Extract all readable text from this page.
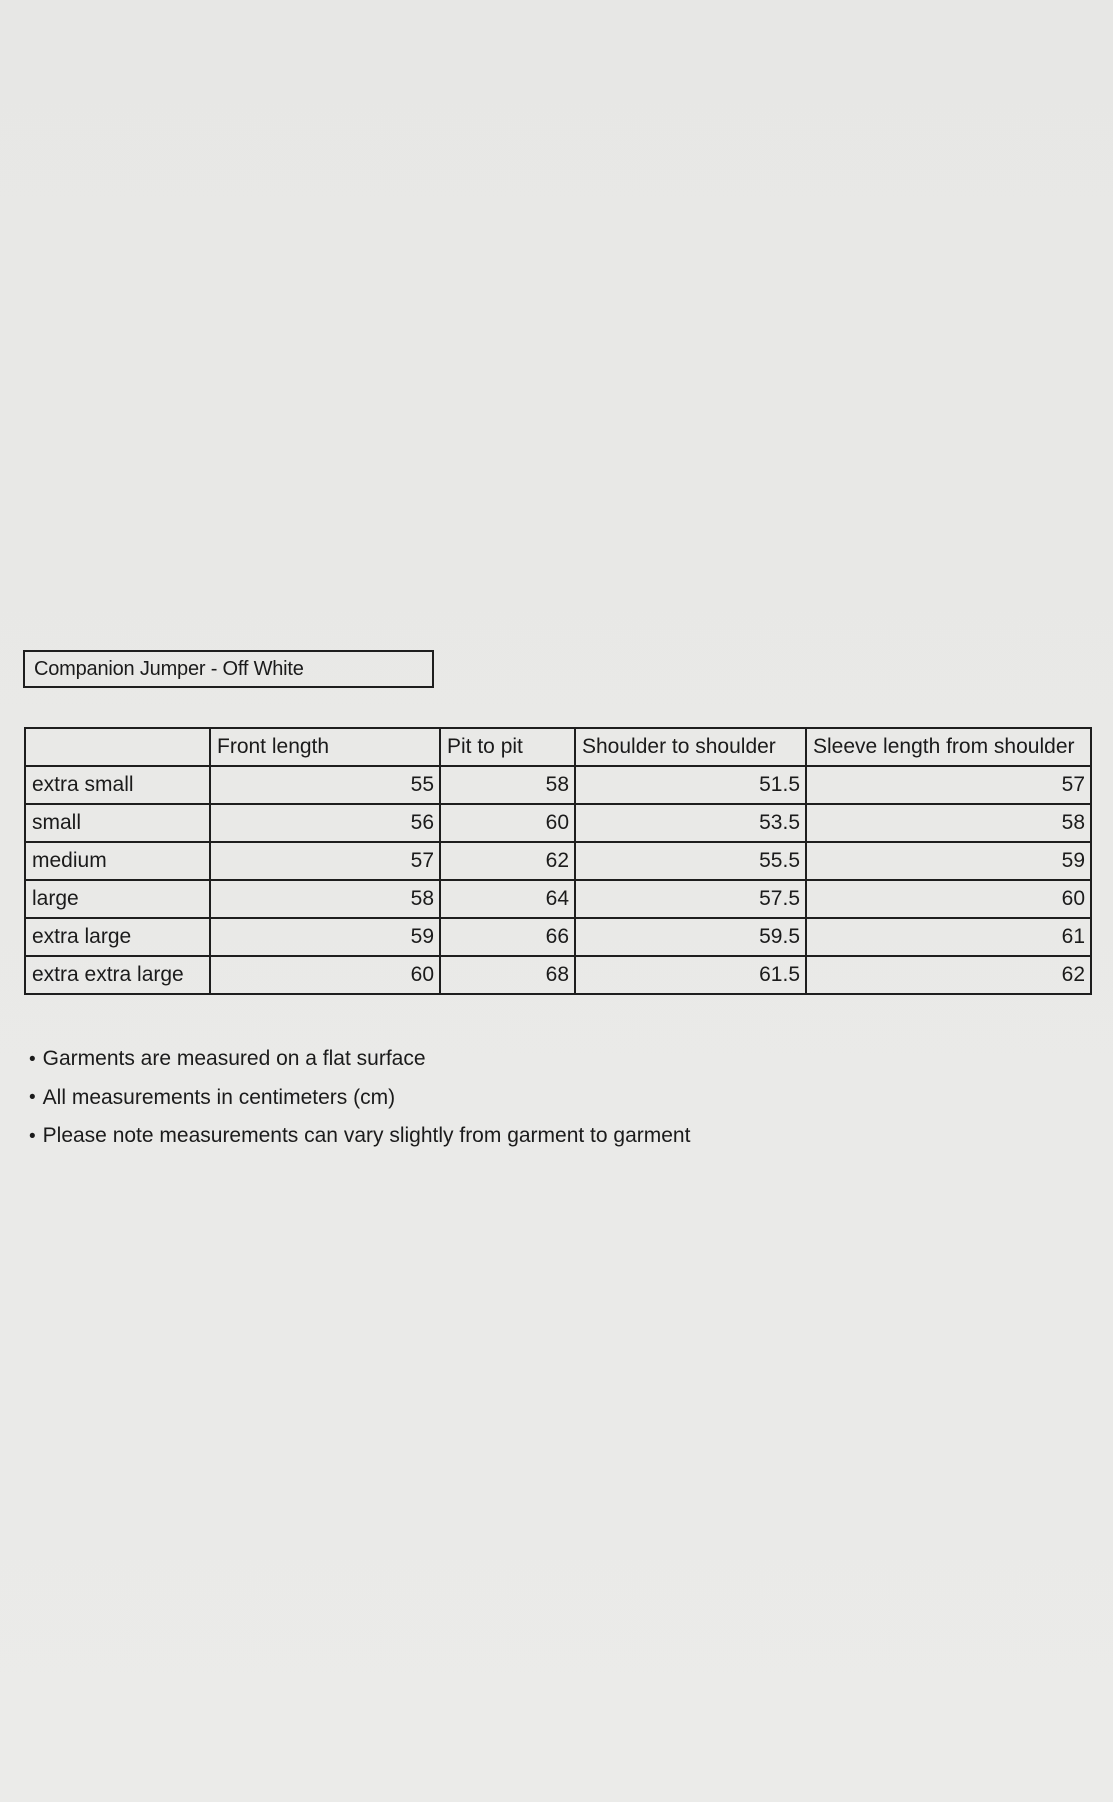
Companion Jumper - Off White
	Front length	Pit to pit	Shoulder to shoulder	Sleeve length from shoulder
extra small	55	58	51.5	57
small	56	60	53.5	58
medium	57	62	55.5	59
large	58	64	57.5	60
extra large	59	66	59.5	61
extra extra large	60	68	61.5	62
• Garments are measured on a flat surface
• All measurements in centimeters (cm)
• Please note measurements can vary slightly from garment to garment
